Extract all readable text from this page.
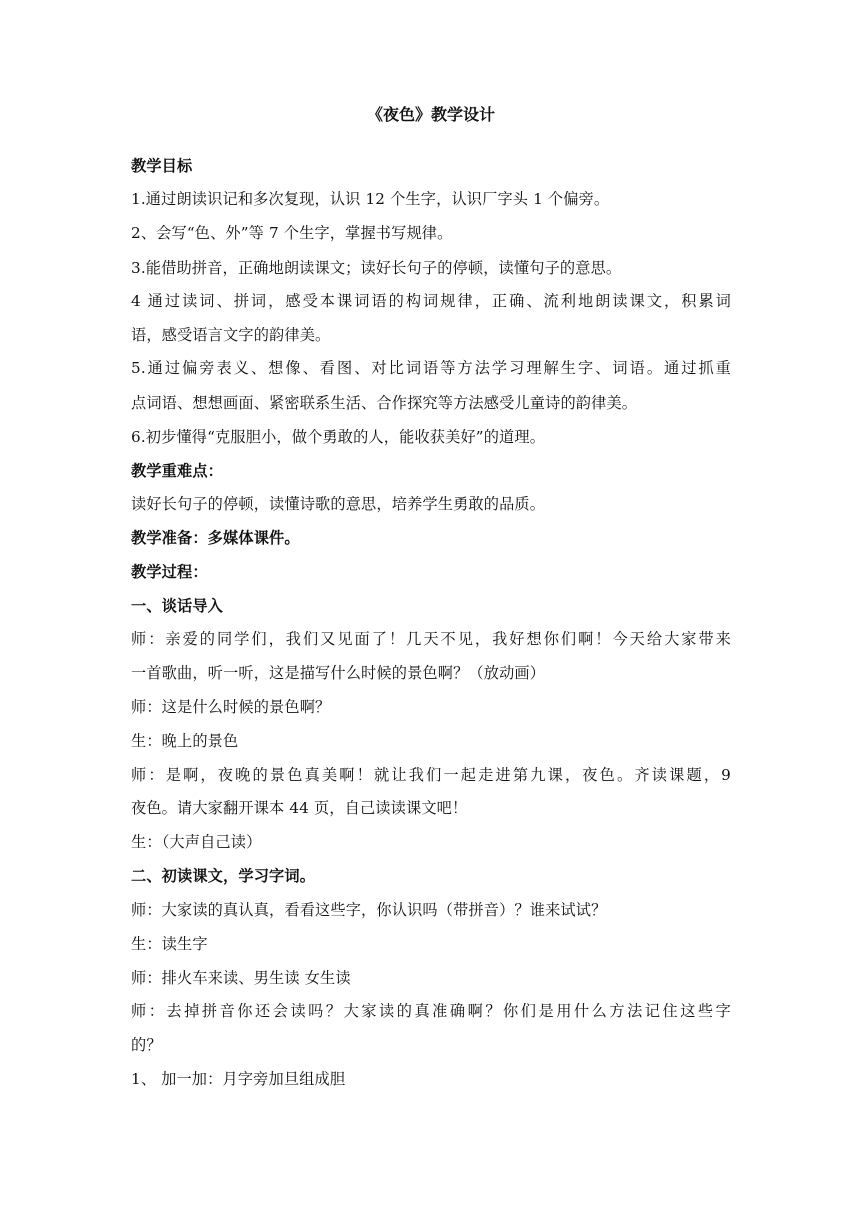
《夜色》教学设计
教学目标
1.通过朗读识记和多次复现，认识 12 个生字，认识厂字头 1 个偏旁。
2、会写“色、外”等 7 个生字，掌握书写规律。
3.能借助拼音，正确地朗读课文；读好长句子的停顿，读懂句子的意思。
4 通过读词、拼词，感受本课词语的构词规律，正确、流利地朗读课文，积累词
语，感受语言文字的韵律美。
5.通过偏旁表义、想像、看图、对比词语等方法学习理解生字、词语。通过抓重
点词语、想想画面、紧密联系生活、合作探究等方法感受儿童诗的韵律美。
6.初步懂得“克服胆小，做个勇敢的人，能收获美好”的道理。
教学重难点：
读好长句子的停顿，读懂诗歌的意思，培养学生勇敢的品质。
教学准备：多媒体课件。
教学过程：
一、谈话导入
师：亲爱的同学们，我们又见面了！几天不见，我好想你们啊！今天给大家带来
一首歌曲，听一听，这是描写什么时候的景色啊？（放动画）
师：这是什么时候的景色啊？
生：晚上的景色
师：是啊，夜晚的景色真美啊！就让我们一起走进第九课，夜色。齐读课题，9
夜色。请大家翻开课本 44 页，自己读读课文吧！
生：（大声自己读）
二、初读课文，学习字词。
师：大家读的真认真，看看这些字，你认识吗（带拼音）？谁来试试？
生：读生字
师：排火车来读、男生读 女生读
师：去掉拼音你还会读吗？大家读的真准确啊？你们是用什么方法记住这些字
的？
1、 加一加：月字旁加旦组成胆
